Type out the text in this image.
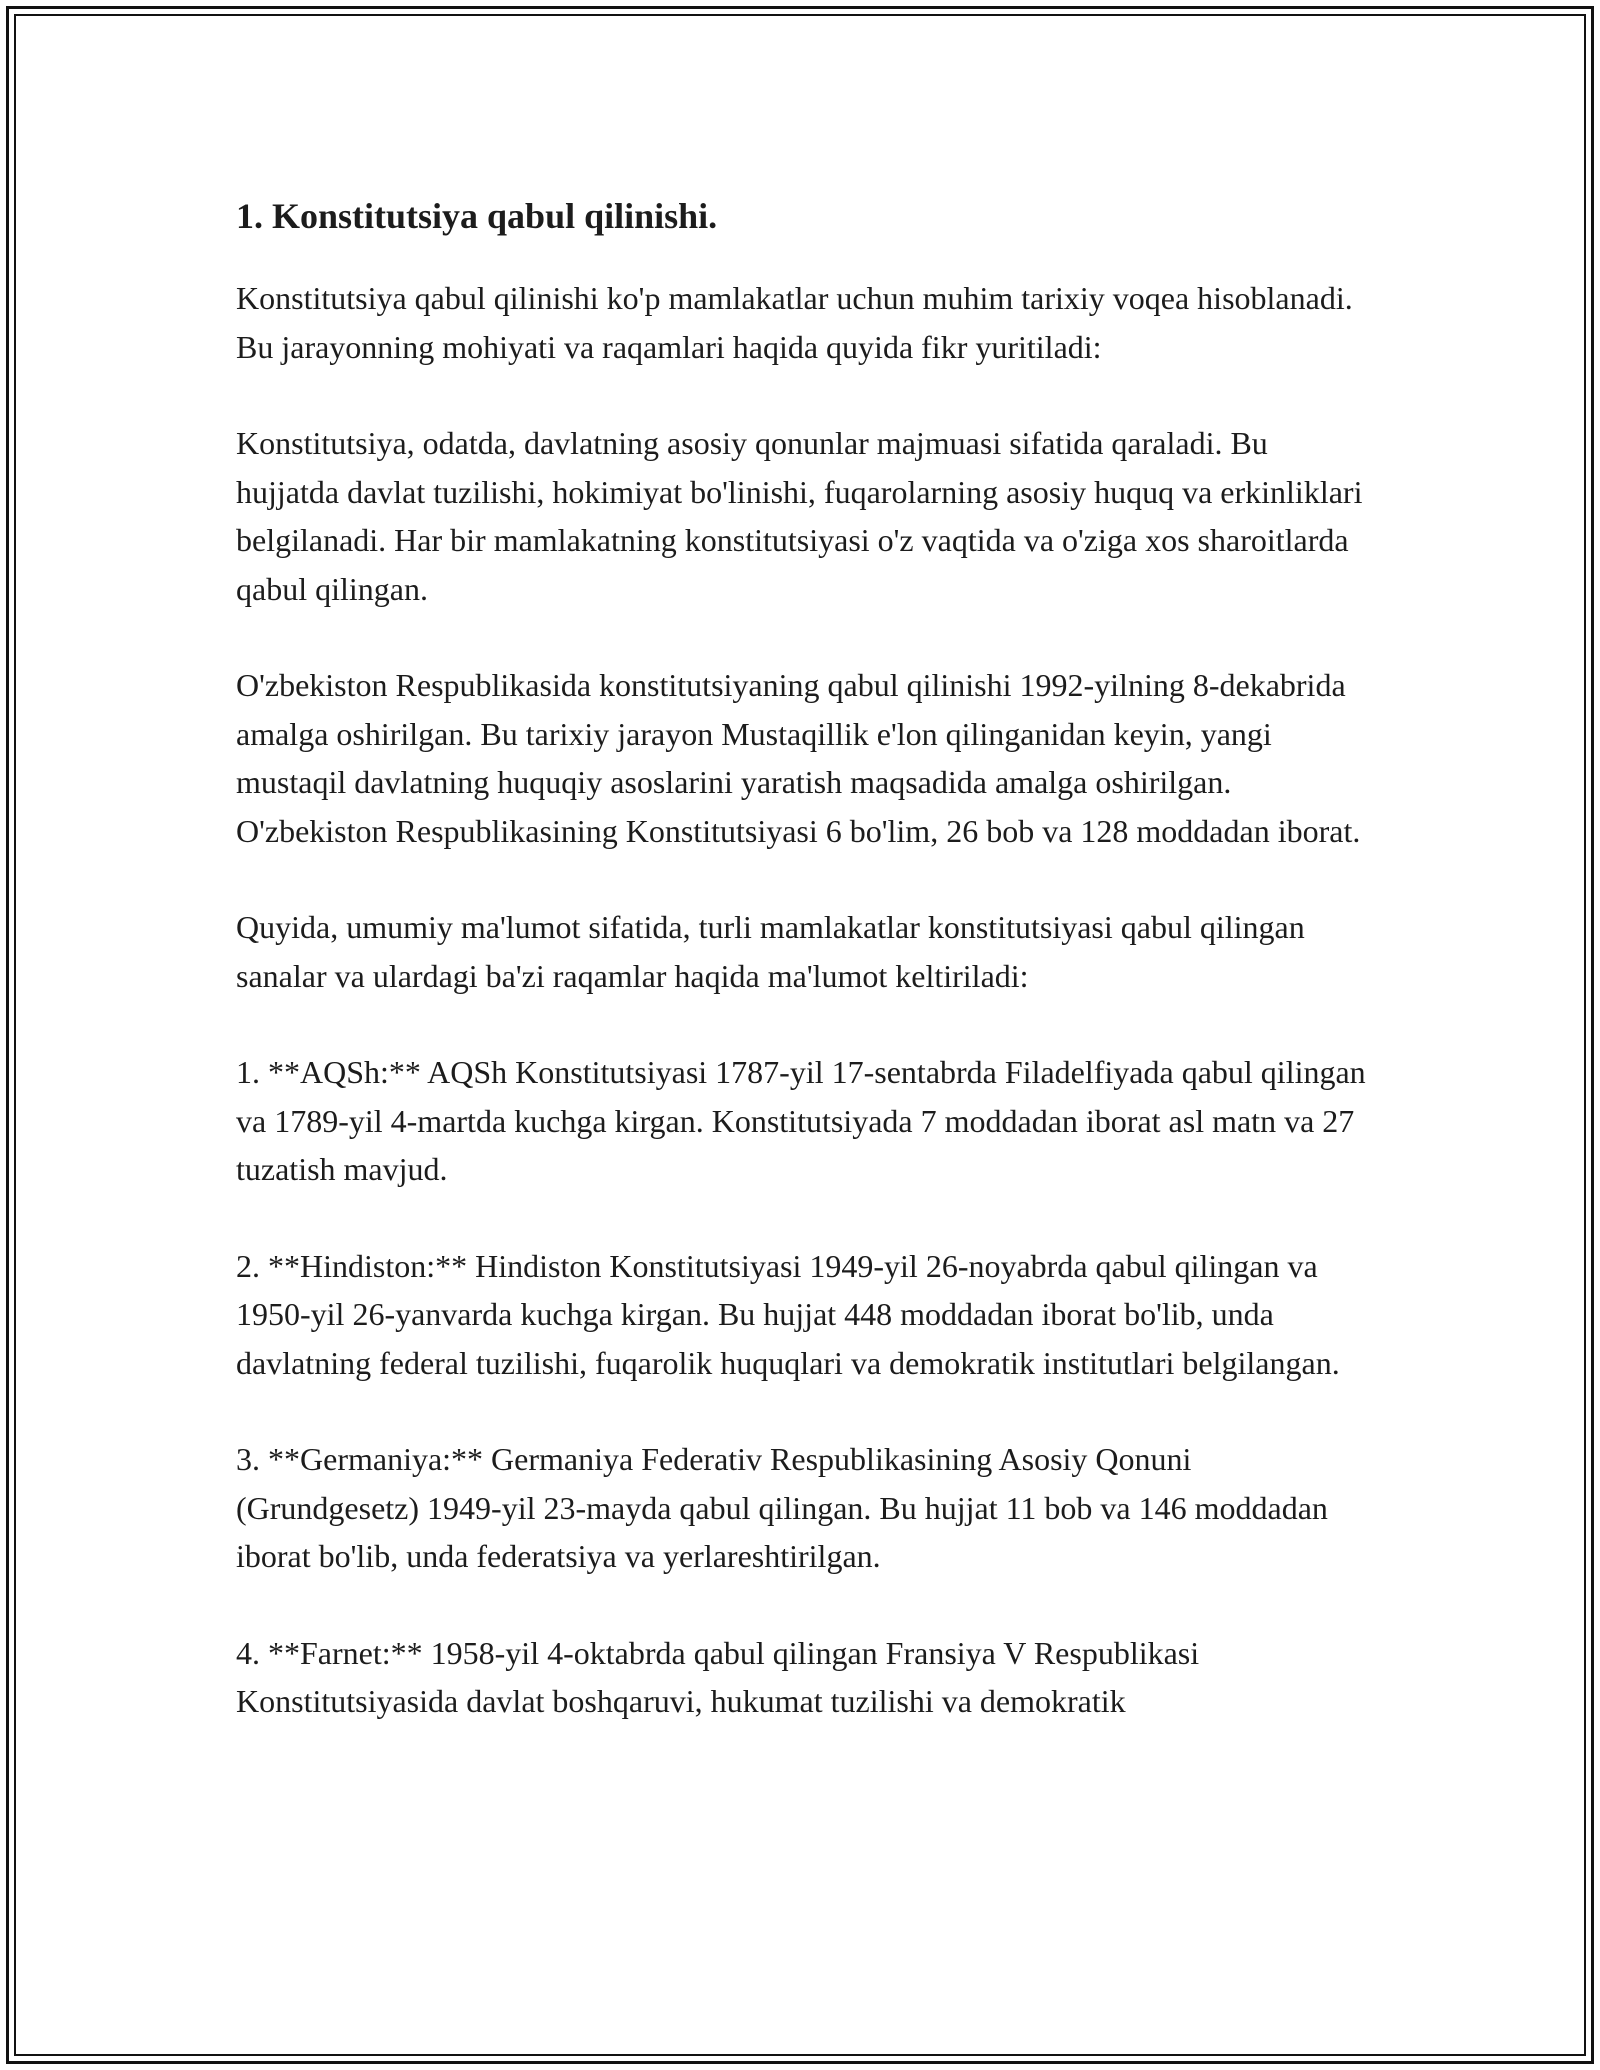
1. Konstitutsiya qabul qilinishi.

Konstitutsiya qabul qilinishi ko'p mamlakatlar uchun muhim tarixiy voqea hisoblanadi. Bu jarayonning mohiyati va raqamlari haqida quyida fikr yuritiladi:

Konstitutsiya, odatda, davlatning asosiy qonunlar majmuasi sifatida qaraladi. Bu hujjatda davlat tuzilishi, hokimiyat bo'linishi, fuqarolarning asosiy huquq va erkinliklari belgilanadi. Har bir mamlakatning konstitutsiyasi o'z vaqtida va o'ziga xos sharoitlarda qabul qilingan.

O'zbekiston Respublikasida konstitutsiyaning qabul qilinishi 1992-yilning 8-dekabrida amalga oshirilgan. Bu tarixiy jarayon Mustaqillik e'lon qilinganidan keyin, yangi mustaqil davlatning huquqiy asoslarini yaratish maqsadida amalga oshirilgan. O'zbekiston Respublikasining Konstitutsiyasi 6 bo'lim, 26 bob va 128 moddadan iborat.

Quyida, umumiy ma'lumot sifatida, turli mamlakatlar konstitutsiyasi qabul qilingan sanalar va ulardagi ba'zi raqamlar haqida ma'lumot keltiriladi:

1. **AQSh:** AQSh Konstitutsiyasi 1787-yil 17-sentabrda Filadelfiyada qabul qilingan va 1789-yil 4-martda kuchga kirgan. Konstitutsiyada 7 moddadan iborat asl matn va 27 tuzatish mavjud.

2. **Hindiston:** Hindiston Konstitutsiyasi 1949-yil 26-noyabrda qabul qilingan va 1950-yil 26-yanvarda kuchga kirgan. Bu hujjat 448 moddadan iborat bo'lib, unda davlatning federal tuzilishi, fuqarolik huquqlari va demokratik institutlari belgilangan.

3. **Germaniya:** Germaniya Federativ Respublikasining Asosiy Qonuni (Grundgesetz) 1949-yil 23-mayda qabul qilingan. Bu hujjat 11 bob va 146 moddadan iborat bo'lib, unda federatsiya va yerlareshtirilgan.

4. **Farnet:** 1958-yil 4-oktabrda qabul qilingan Fransiya V Respublikasi Konstitutsiyasida davlat boshqaruvi, hukumat tuzilishi va demokratik
